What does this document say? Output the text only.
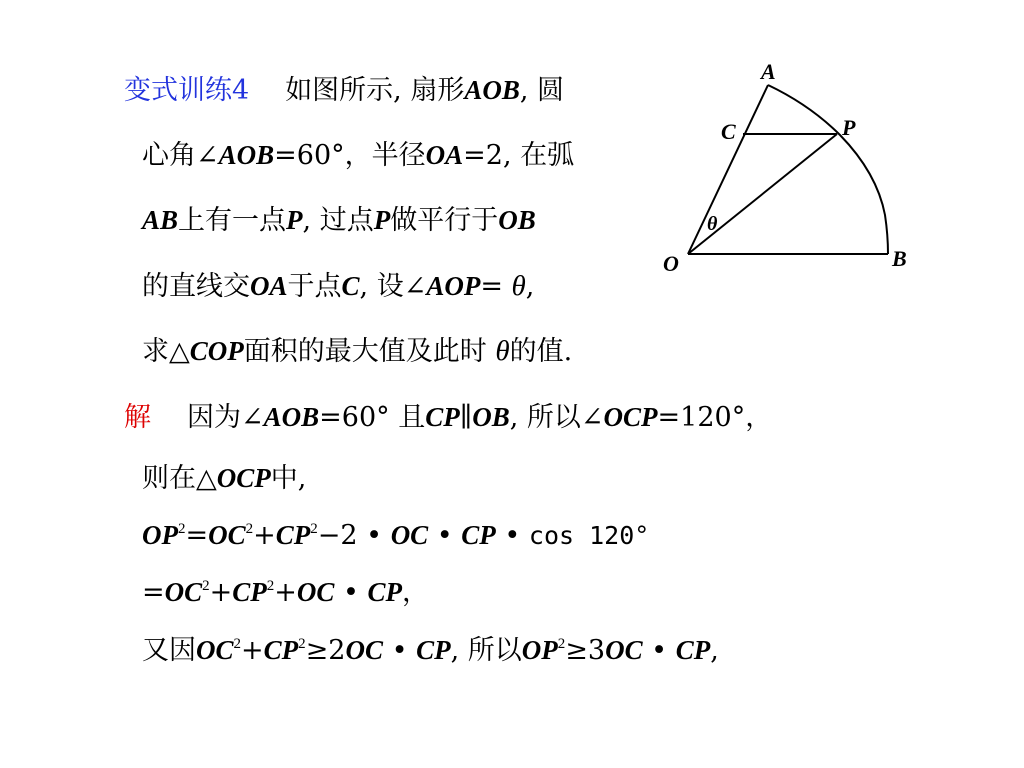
变式训练4 如图所示, 扇形AOB, 圆
心角∠AOB=60°，半径OA=2, 在弧
AB上有一点P, 过点P做平行于OB
的直线交OA于点C, 设∠AOP= θ,
求△COP面积的最大值及此时 θ的值.
解 因为∠AOB=60° 且CP∥OB, 所以∠OCP=120°，
则在△OCP中,
$OP^2=OC^2+CP^2-2$ • OC • CP • cos 120°
$=OC^2+CP^2+OC$ • CP，
又因$OC^2+CP^2\ge 2OC$ • CP, 所以$OP^2\ge 3OC$ • CP,
A
C	P
θ
O	B
